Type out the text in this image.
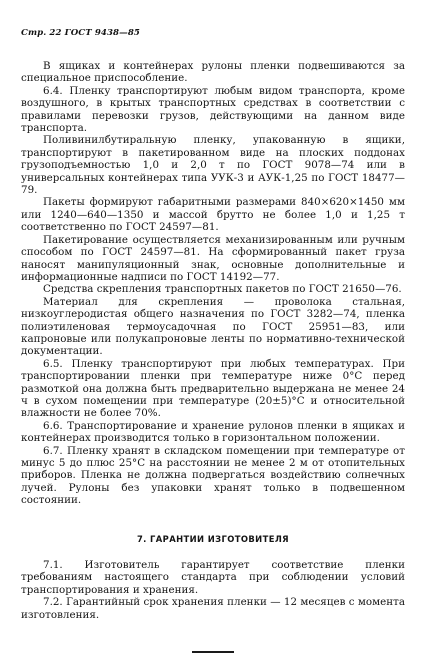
Стр. 22 ГОСТ 9438—85

В ящиках и контейнерах рулоны пленки подвешиваются за специальное приспособление.

6.4. Пленку транспортируют любым видом транспорта, кроме воздушного, в крытых транспортных средствах в соответствии с правилами перевозки грузов, действующими на данном виде транспорта.

Поливинилбутиральную пленку, упакованную в ящики, транспортируют в пакетированном виде на плоских поддонах грузоподъемностью 1,0 и 2,0 т по ГОСТ 9078—74 или в универсальных контейнерах типа УУК-3 и АУК-1,25 по ГОСТ 18477—79.

Пакеты формируют габаритными размерами 840×620×1450 мм или 1240—640—1350 и массой брутто не более 1,0 и 1,25 т соответственно по ГОСТ 24597—81.

Пакетирование осуществляется механизированным или ручным способом по ГОСТ 24597—81. На сформированный пакет груза наносят манипуляционный знак, основные дополнительные и информационные надписи по ГОСТ 14192—77.

Средства скрепления транспортных пакетов по ГОСТ 21650—76.

Материал для скрепления — проволока стальная, низкоуглеродистая общего назначения по ГОСТ 3282—74, пленка полиэтиленовая термоусадочная по ГОСТ 25951—83, или капроновые или полукапроновые ленты по нормативно-технической документации.

6.5. Пленку транспортируют при любых температурах. При транспортировании пленки при температуре ниже 0°С перед размоткой она должна быть предварительно выдержана не менее 24 ч в сухом помещении при температуре (20±5)°С и относительной влажности не более 70%.

6.6. Транспортирование и хранение рулонов пленки в ящиках и контейнерах производится только в горизонтальном положении.

6.7. Пленку хранят в складском помещении при температуре от минус 5 до плюс 25°С на расстоянии не менее 2 м от отопительных приборов. Пленка не должна подвергаться воздействию солнечных лучей. Рулоны без упаковки хранят только в подвешенном состоянии.

7. ГАРАНТИИ ИЗГОТОВИТЕЛЯ

7.1. Изготовитель гарантирует соответствие пленки требованиям настоящего стандарта при соблюдении условий транспортирования и хранения.

7.2. Гарантийный срок хранения пленки — 12 месяцев с момента изготовления.
